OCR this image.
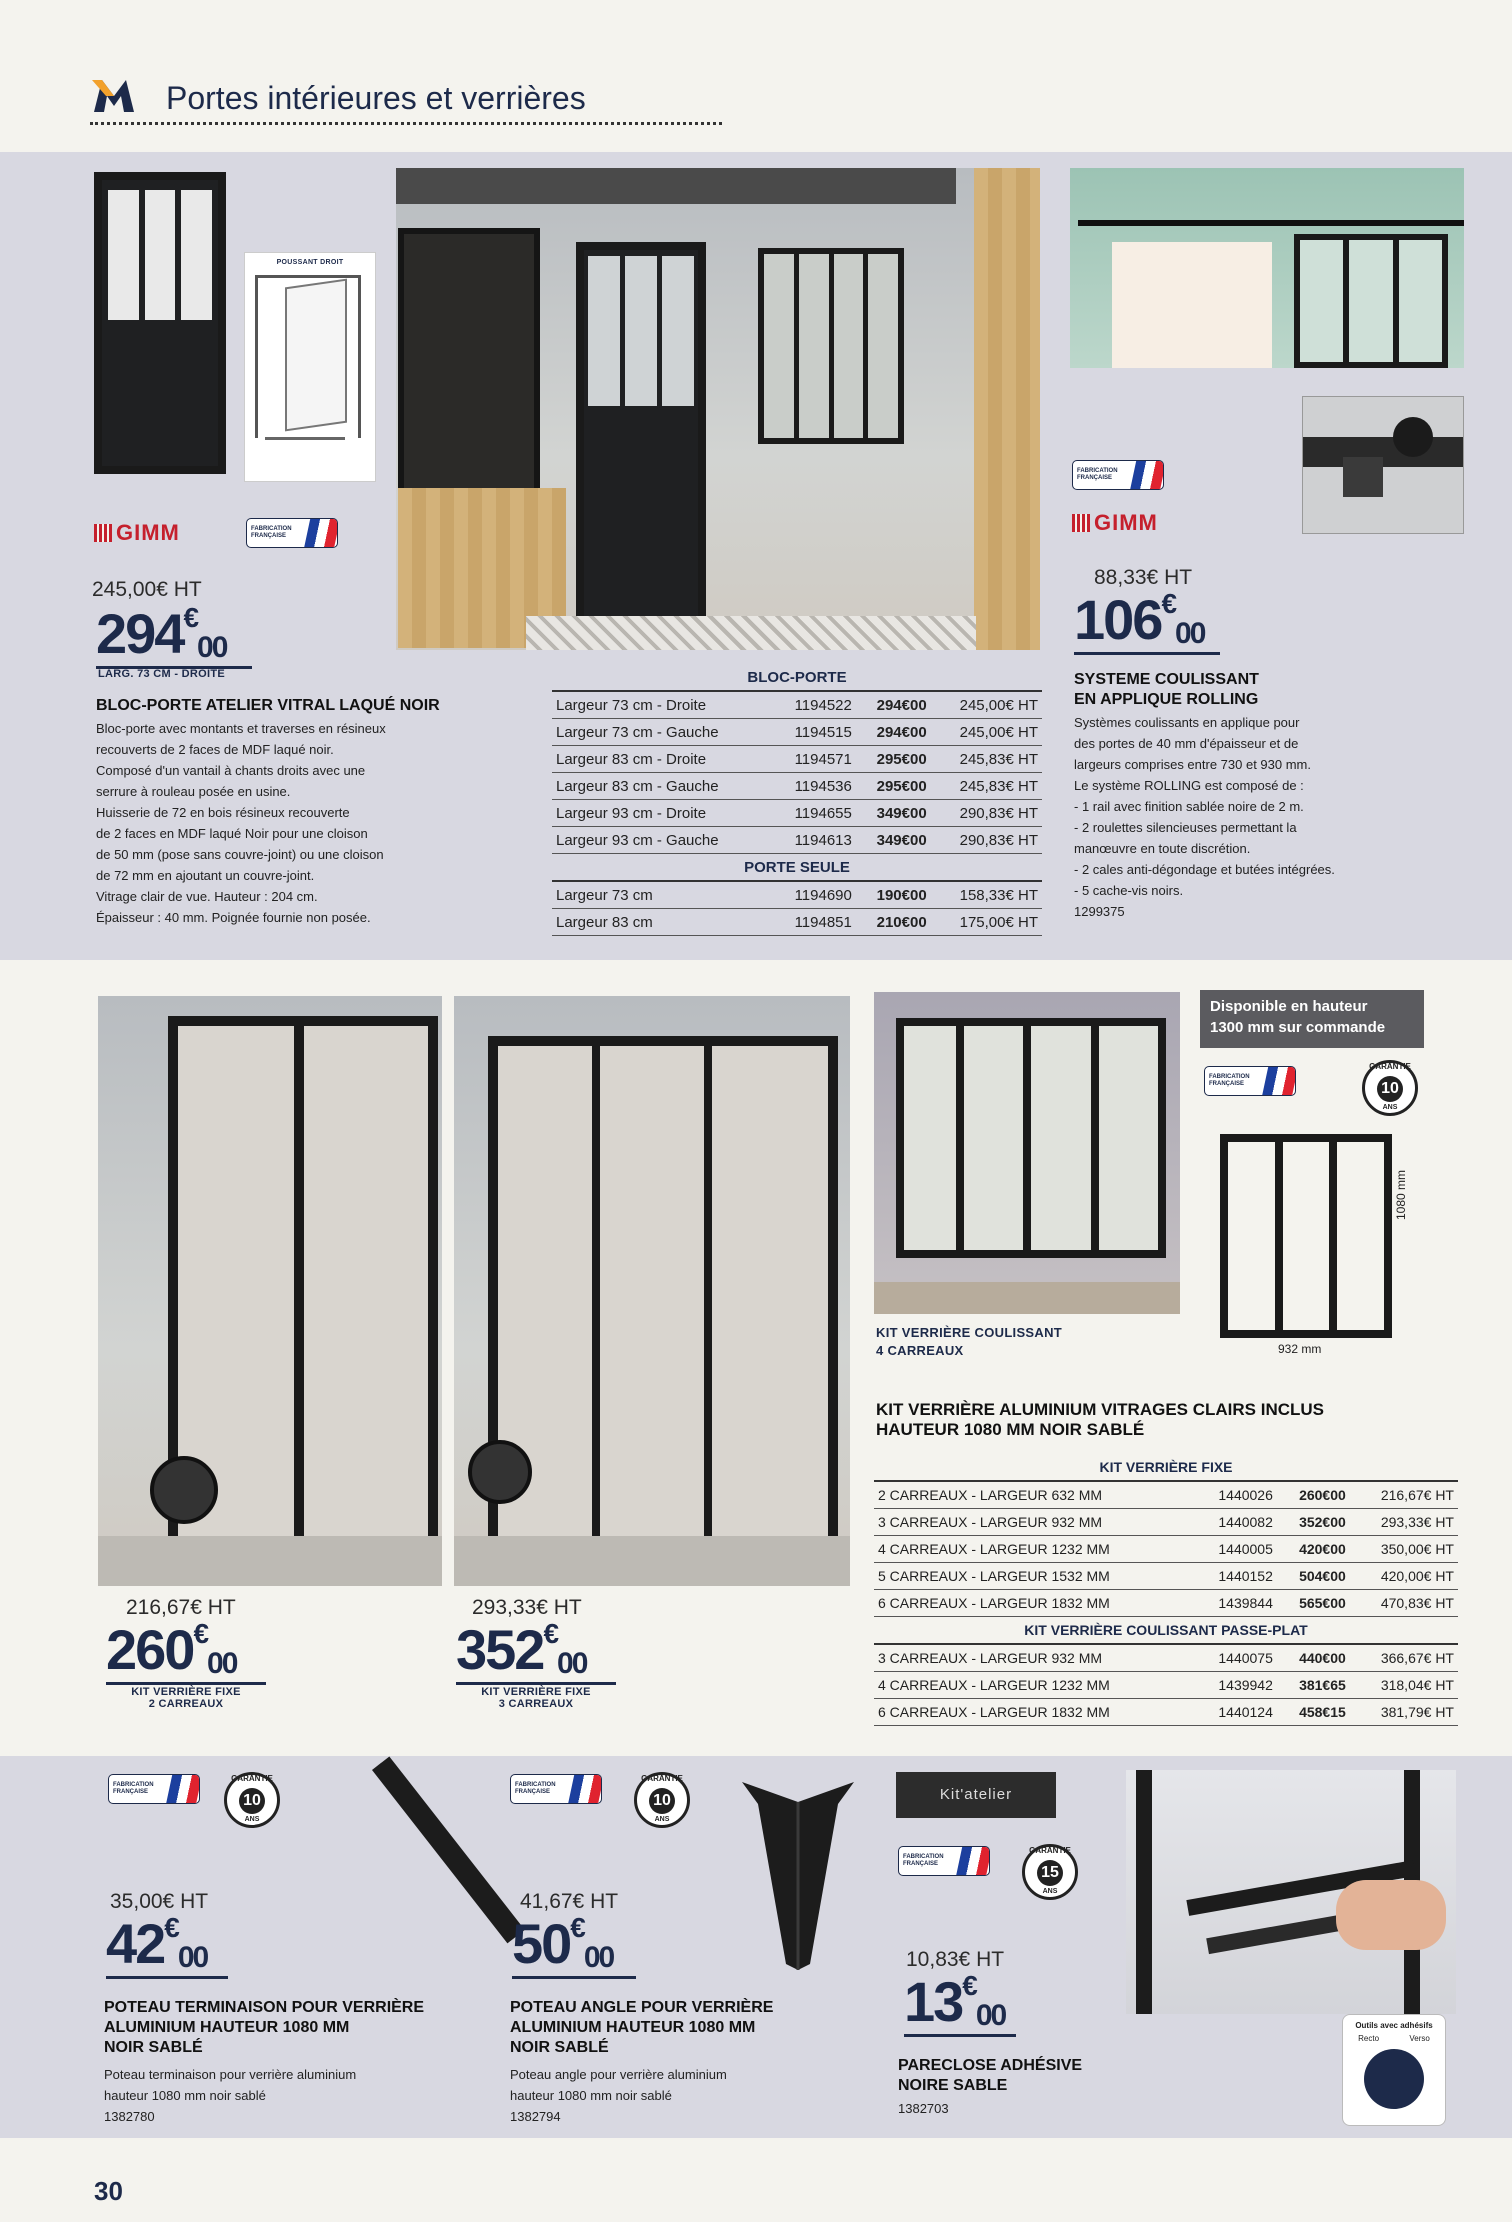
Portes intérieures et verrières
POUSSANT DROIT
GIMM	FABRICATION FRANÇAISE
245,00€ HT
294€00
LARG. 73 CM - DROITE
BLOC-PORTE ATELIER VITRAL LAQUÉ NOIR
Bloc-porte avec montants et traverses en résineux
recouverts de 2 faces de MDF laqué noir.
Composé d'un vantail à chants droits avec une
serrure à rouleau posée en usine.
Huisserie de 72 en bois résineux recouverte
de 2 faces en MDF laqué Noir pour une cloison
de 50 mm (pose sans couvre-joint) ou une cloison
de 72 mm en ajoutant un couvre-joint.
Vitrage clair de vue. Hauteur : 204 cm.
Épaisseur : 40 mm. Poignée fournie non posée.
BLOC-PORTE			
Largeur 73 cm - Droite	1194522	294€00	245,00€ HT
Largeur 73 cm - Gauche	1194515	294€00	245,00€ HT
Largeur 83 cm - Droite	1194571	295€00	245,83€ HT
Largeur 83 cm - Gauche	1194536	295€00	245,83€ HT
Largeur 93 cm - Droite	1194655	349€00	290,83€ HT
Largeur 93 cm - Gauche	1194613	349€00	290,83€ HT
PORTE SEULE			
Largeur 73 cm	1194690	190€00	158,33€ HT
Largeur 83 cm	1194851	210€00	175,00€ HT
FABRICATION FRANÇAISE
GIMM
88,33€ HT
106€00
SYSTEME COULISSANT
EN APPLIQUE ROLLING
Systèmes coulissants en applique pour
des portes de 40 mm d'épaisseur et de
largeurs comprises entre 730 et 930 mm.
Le système ROLLING est composé de :
- 1 rail avec finition sablée noire de 2 m.
- 2 roulettes silencieuses permettant la
manœuvre en toute discrétion.
- 2 cales anti-dégondage et butées intégrées.
- 5 cache-vis noirs.
1299375
216,67€ HT
260€00
KIT VERRIÈRE FIXE
2 CARREAUX
293,33€ HT
352€00
KIT VERRIÈRE FIXE
3 CARREAUX
KIT VERRIÈRE COULISSANT
4 CARREAUX
Disponible en hauteur
1300 mm sur commande
FABRICATION FRANÇAISE
GARANTIE
10
ANS
1080 mm
932 mm
KIT VERRIÈRE ALUMINIUM VITRAGES CLAIRS INCLUS
HAUTEUR 1080 MM NOIR SABLÉ
KIT VERRIÈRE FIXE			
2 CARREAUX - LARGEUR 632 MM	1440026	260€00	216,67€ HT
3 CARREAUX - LARGEUR 932 MM	1440082	352€00	293,33€ HT
4 CARREAUX - LARGEUR 1232 MM	1440005	420€00	350,00€ HT
5 CARREAUX - LARGEUR 1532 MM	1440152	504€00	420,00€ HT
6 CARREAUX - LARGEUR 1832 MM	1439844	565€00	470,83€ HT
KIT VERRIÈRE COULISSANT PASSE-PLAT			
3 CARREAUX - LARGEUR 932 MM	1440075	440€00	366,67€ HT
4 CARREAUX - LARGEUR 1232 MM	1439942	381€65	318,04€ HT
6 CARREAUX - LARGEUR 1832 MM	1440124	458€15	381,79€ HT
FABRICATION FRANÇAISE
GARANTIE
10
ANS
35,00€ HT
42€00
POTEAU TERMINAISON POUR VERRIÈRE
ALUMINIUM HAUTEUR 1080 MM
NOIR SABLÉ
Poteau terminaison pour verrière aluminium
hauteur 1080 mm noir sablé
1382780
FABRICATION FRANÇAISE
GARANTIE
10
ANS
41,67€ HT
50€00
POTEAU ANGLE POUR VERRIÈRE
ALUMINIUM HAUTEUR 1080 MM
NOIR SABLÉ
Poteau angle pour verrière aluminium
hauteur 1080 mm noir sablé
1382794
Kit'atelier
FABRICATION FRANÇAISE
GARANTIE
15
ANS
10,83€ HT
13€00
PARECLOSE ADHÉSIVE
NOIRE SABLE
1382703
Outils avec adhésifs
Recto	Verso
30
